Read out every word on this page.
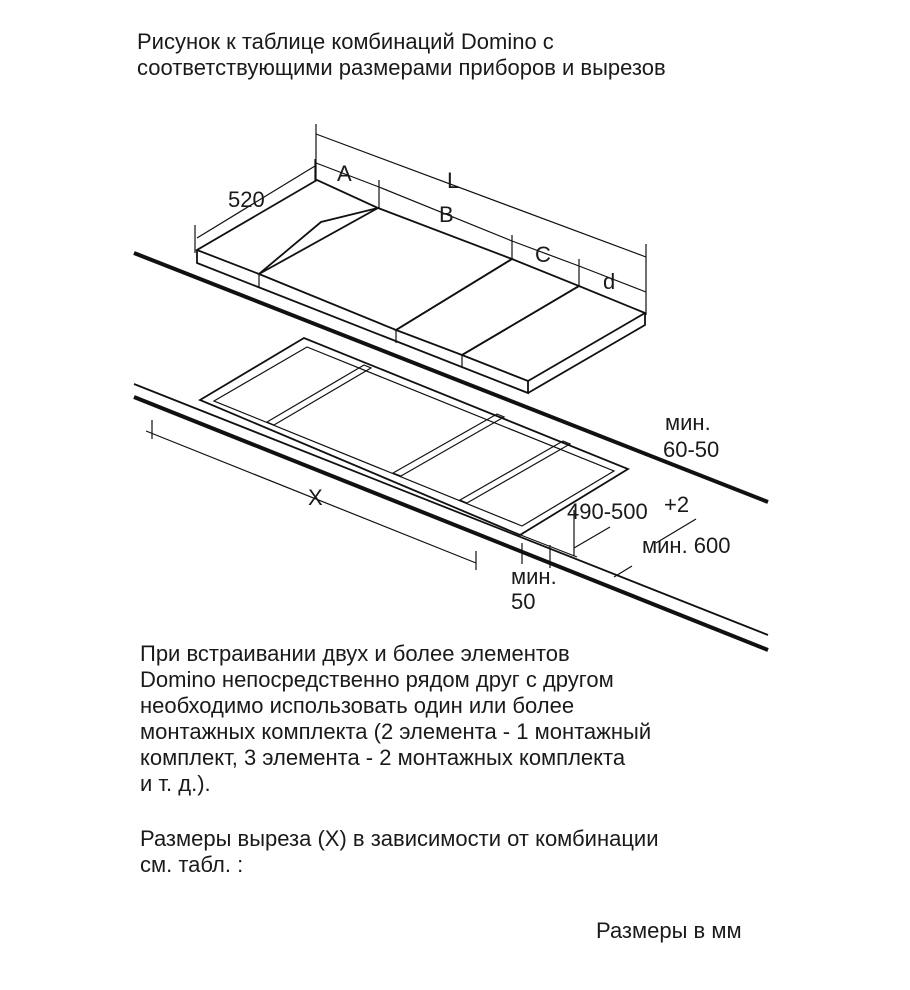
Рисунок к таблице комбинаций Domino с
соответствующими размерами приборов и вырезов
520
A	L
B
C
d
X
мин.
60-50
490-500 +2
мин. 600
мин.
50
При встраивании двух и более элементов
Domino непосредственно рядом друг с другом
необходимо использовать один или более
монтажных комплекта (2 элемента - 1 монтажный
комплект, 3 элемента - 2 монтажных комплекта
и т. д.).
Размеры выреза (X) в зависимости от комбинации
см. табл. :
Размеры в мм
